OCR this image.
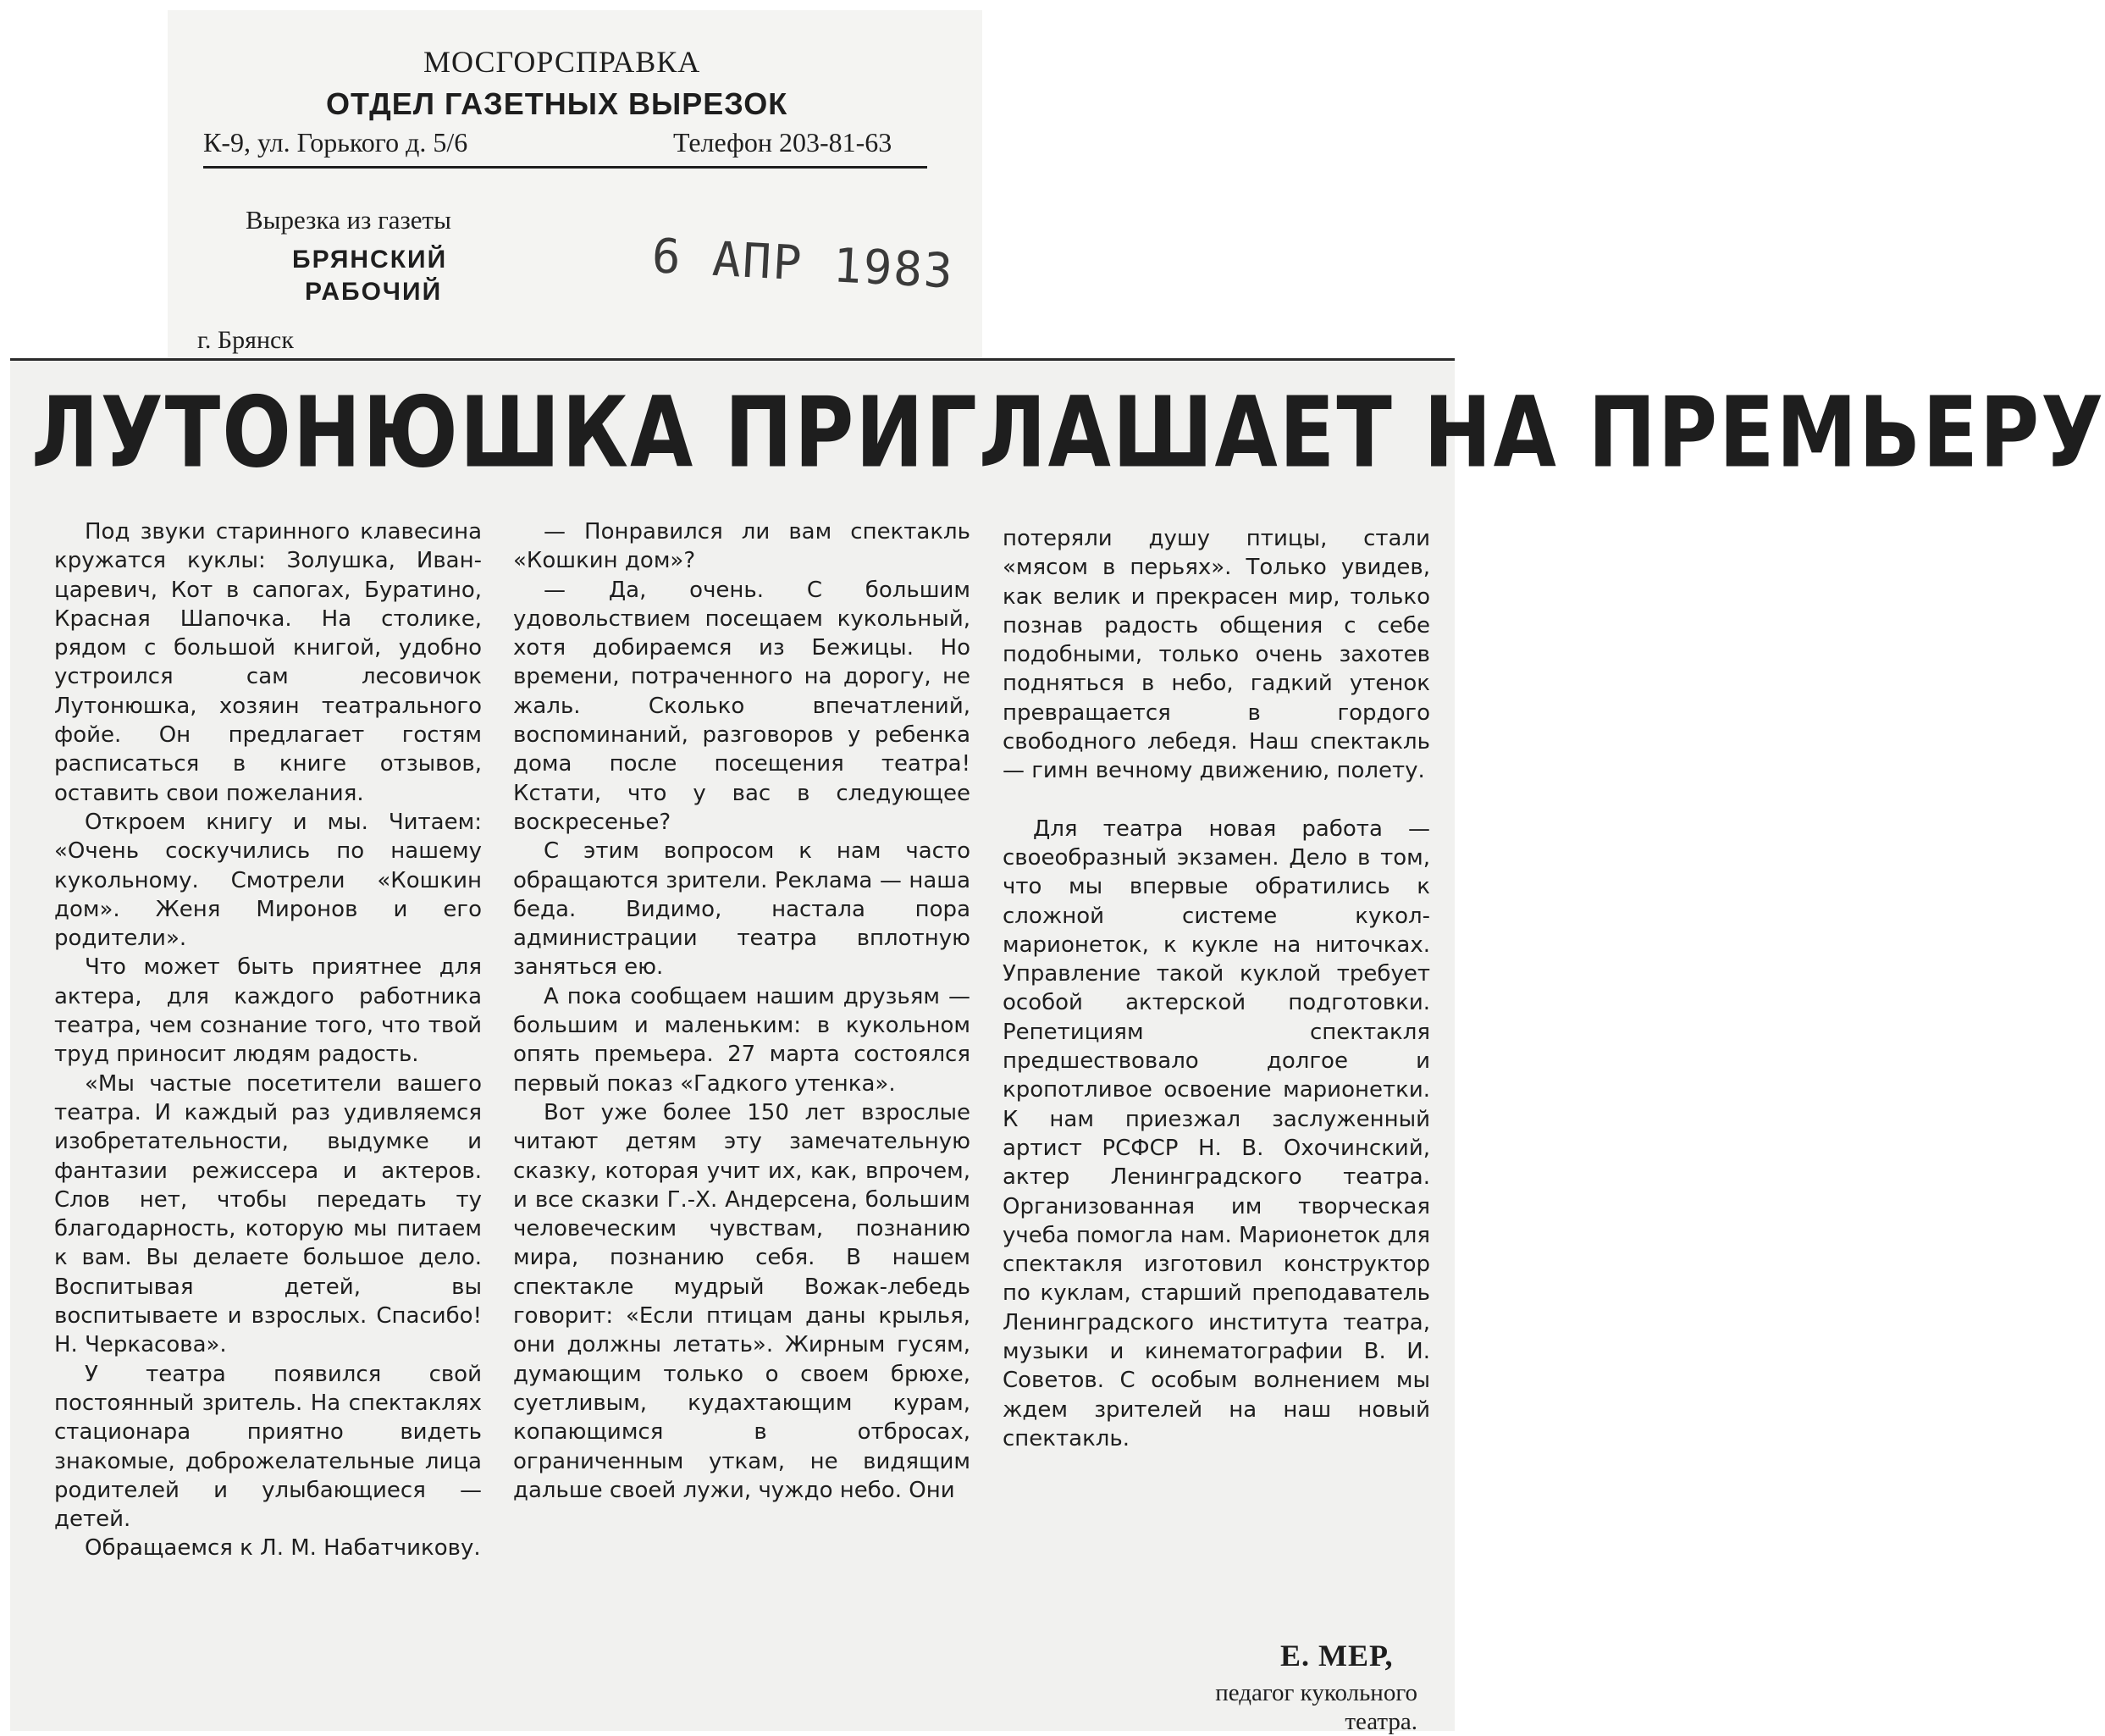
МОСГОРСПРАВКА
ОТДЕЛ ГАЗЕТНЫХ ВЫРЕЗОК
К-9, ул. Горького д. 5/6	Телефон 203-81-63
Вырезка из газеты
БРЯНСКИЙ
РАБОЧИЙ
г. Брянск
6 АПР 1983
ЛУТОНЮШКА ПРИГЛАШАЕТ НА ПРЕМЬЕРУ

Под звуки старинного клавесина кружатся куклы: Золушка, Иван-царевич, Кот в сапогах, Буратино, Красная Шапочка. На столике, рядом с большой книгой, удобно устроился сам лесовичок Лутонюшка, хозяин театрального фойе. Он предлагает гостям расписаться в книге отзывов, оставить свои пожелания.

Откроем книгу и мы. Читаем: «Очень соскучились по нашему кукольному. Смотрели «Кошкин дом». Женя Миронов и его родители».

Что может быть приятнее для актера, для каждого работника театра, чем сознание того, что твой труд приносит людям радость.

«Мы частые посетители вашего театра. И каждый раз удивляемся изобретательности, выдумке и фантазии режиссера и актеров. Слов нет, чтобы передать ту благодарность, которую мы питаем к вам. Вы делаете большое дело. Воспитывая детей, вы воспитываете и взрослых. Спасибо! Н. Черкасова».

У театра появился свой постоянный зритель. На спектаклях стационара приятно видеть знакомые, доброжелательные лица родителей и улыбающиеся — детей.

Обращаемся к Л. М. Набатчикову.

— Понравился ли вам спектакль «Кошкин дом»?

— Да, очень. С большим удовольствием посещаем кукольный, хотя добираемся из Бежицы. Но времени, потраченного на дорогу, не жаль. Сколько впечатлений, воспоминаний, разговоров у ребенка дома после посещения театра! Кстати, что у вас в следующее воскресенье?

С этим вопросом к нам часто обращаются зрители. Реклама — наша беда. Видимо, настала пора администрации театра вплотную заняться ею.

А пока сообщаем нашим друзьям — большим и маленьким: в кукольном опять премьера. 27 марта состоялся первый показ «Гадкого утенка».

Вот уже более 150 лет взрослые читают детям эту замечательную сказку, которая учит их, как, впрочем, и все сказки Г.-Х. Андерсена, большим человеческим чувствам, познанию мира, познанию себя. В нашем спектакле мудрый Вожак-лебедь говорит: «Если птицам даны крылья, они должны летать». Жирным гусям, думающим только о своем брюхе, суетливым, кудахтающим курам, копающимся в отбросах, ограниченным уткам, не видящим дальше своей лужи, чуждо небо. Они

потеряли душу птицы, стали «мясом в перьях». Только увидев, как велик и прекрасен мир, только познав радость общения с себе подобными, только очень захотев подняться в небо, гадкий утенок превращается в гордого свободного лебедя. Наш спектакль — гимн вечному движению, полету.

Для театра новая работа — своеобразный экзамен. Дело в том, что мы впервые обратились к сложной системе кукол-марионеток, к кукле на ниточках. Управление такой куклой требует особой актерской подготовки. Репетициям спектакля предшествовало долгое и кропотливое освоение марионетки. К нам приезжал заслуженный артист РСФСР Н. В. Охочинский, актер Ленинградского театра. Организованная им творческая учеба помогла нам. Марионеток для спектакля изготовил конструктор по куклам, старший преподаватель Ленинградского института театра, музыки и кинематографии В. И. Советов. С особым волнением мы ждем зрителей на наш новый спектакль.

Е. МЕР,
педагог кукольного
театра.
